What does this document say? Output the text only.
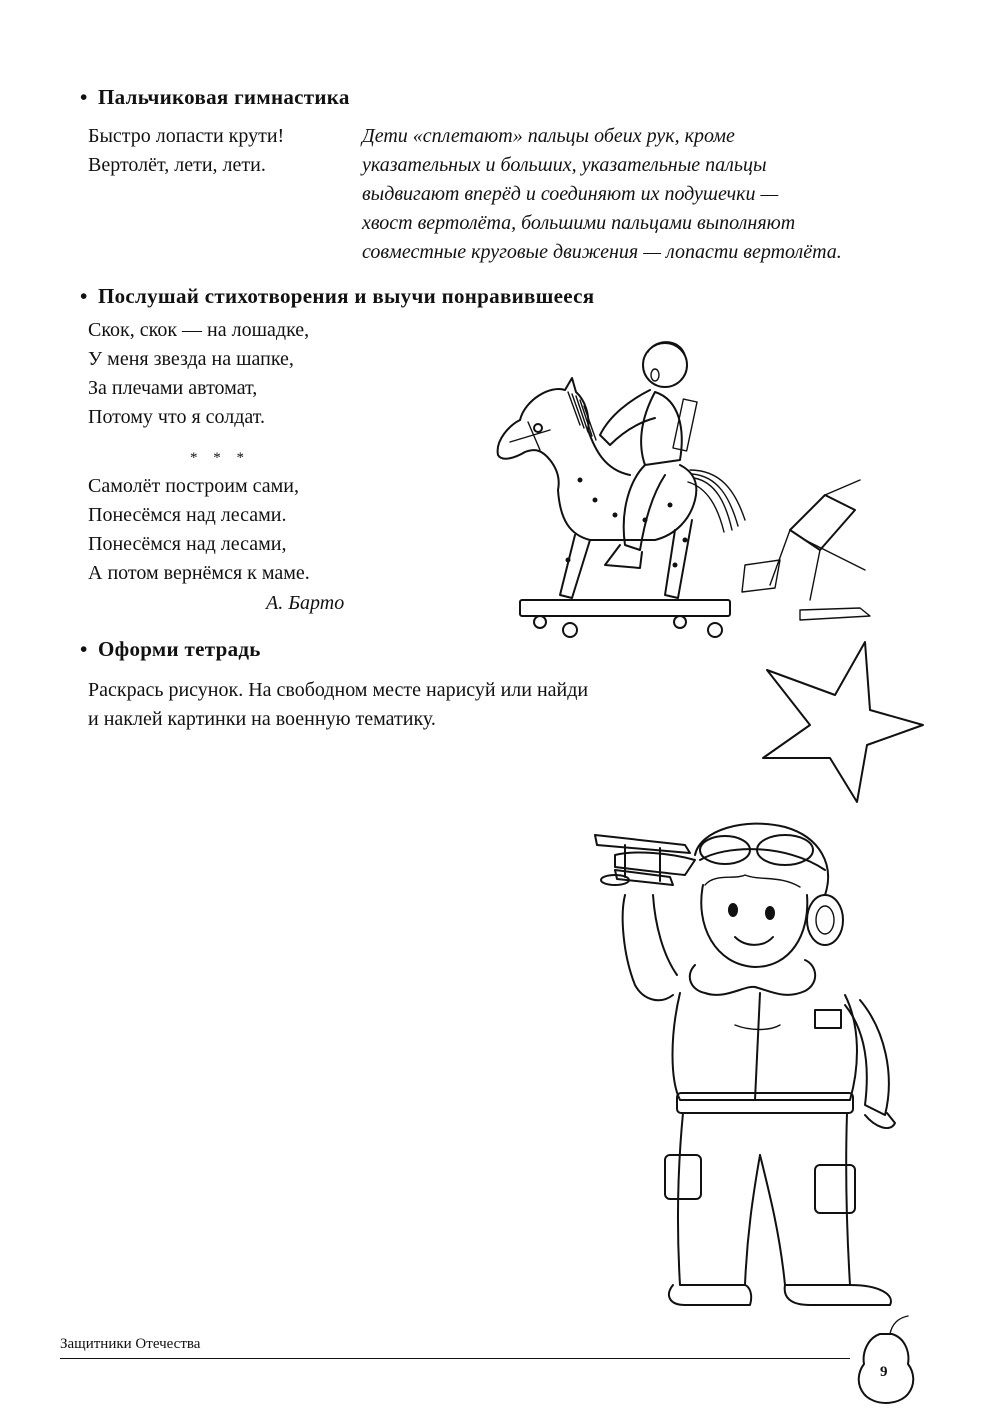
• Пальчиковая гимнастика
Быстро лопасти крути!
Вертолёт, лети, лети.
Дети «сплетают» пальцы обеих рук, кроме
указательных и больших, указательные пальцы
выдвигают вперёд и соединяют их подушечки —
хвост вертолёта, большими пальцами выполняют
совместные круговые движения — лопасти вертолёта.
• Послушай стихотворения и выучи понравившееся
Скок, скок — на лошадке,
У меня звезда на шапке,
За плечами автомат,
Потому что я солдат.
* * *
Самолёт построим сами,
Понесёмся над лесами.
Понесёмся над лесами,
А потом вернёмся к маме.
А. Барто
• Оформи тетрадь
Раскрась рисунок. На свободном месте нарисуй или найди
и наклей картинки на военную тематику.
Защитники Отечества
9
